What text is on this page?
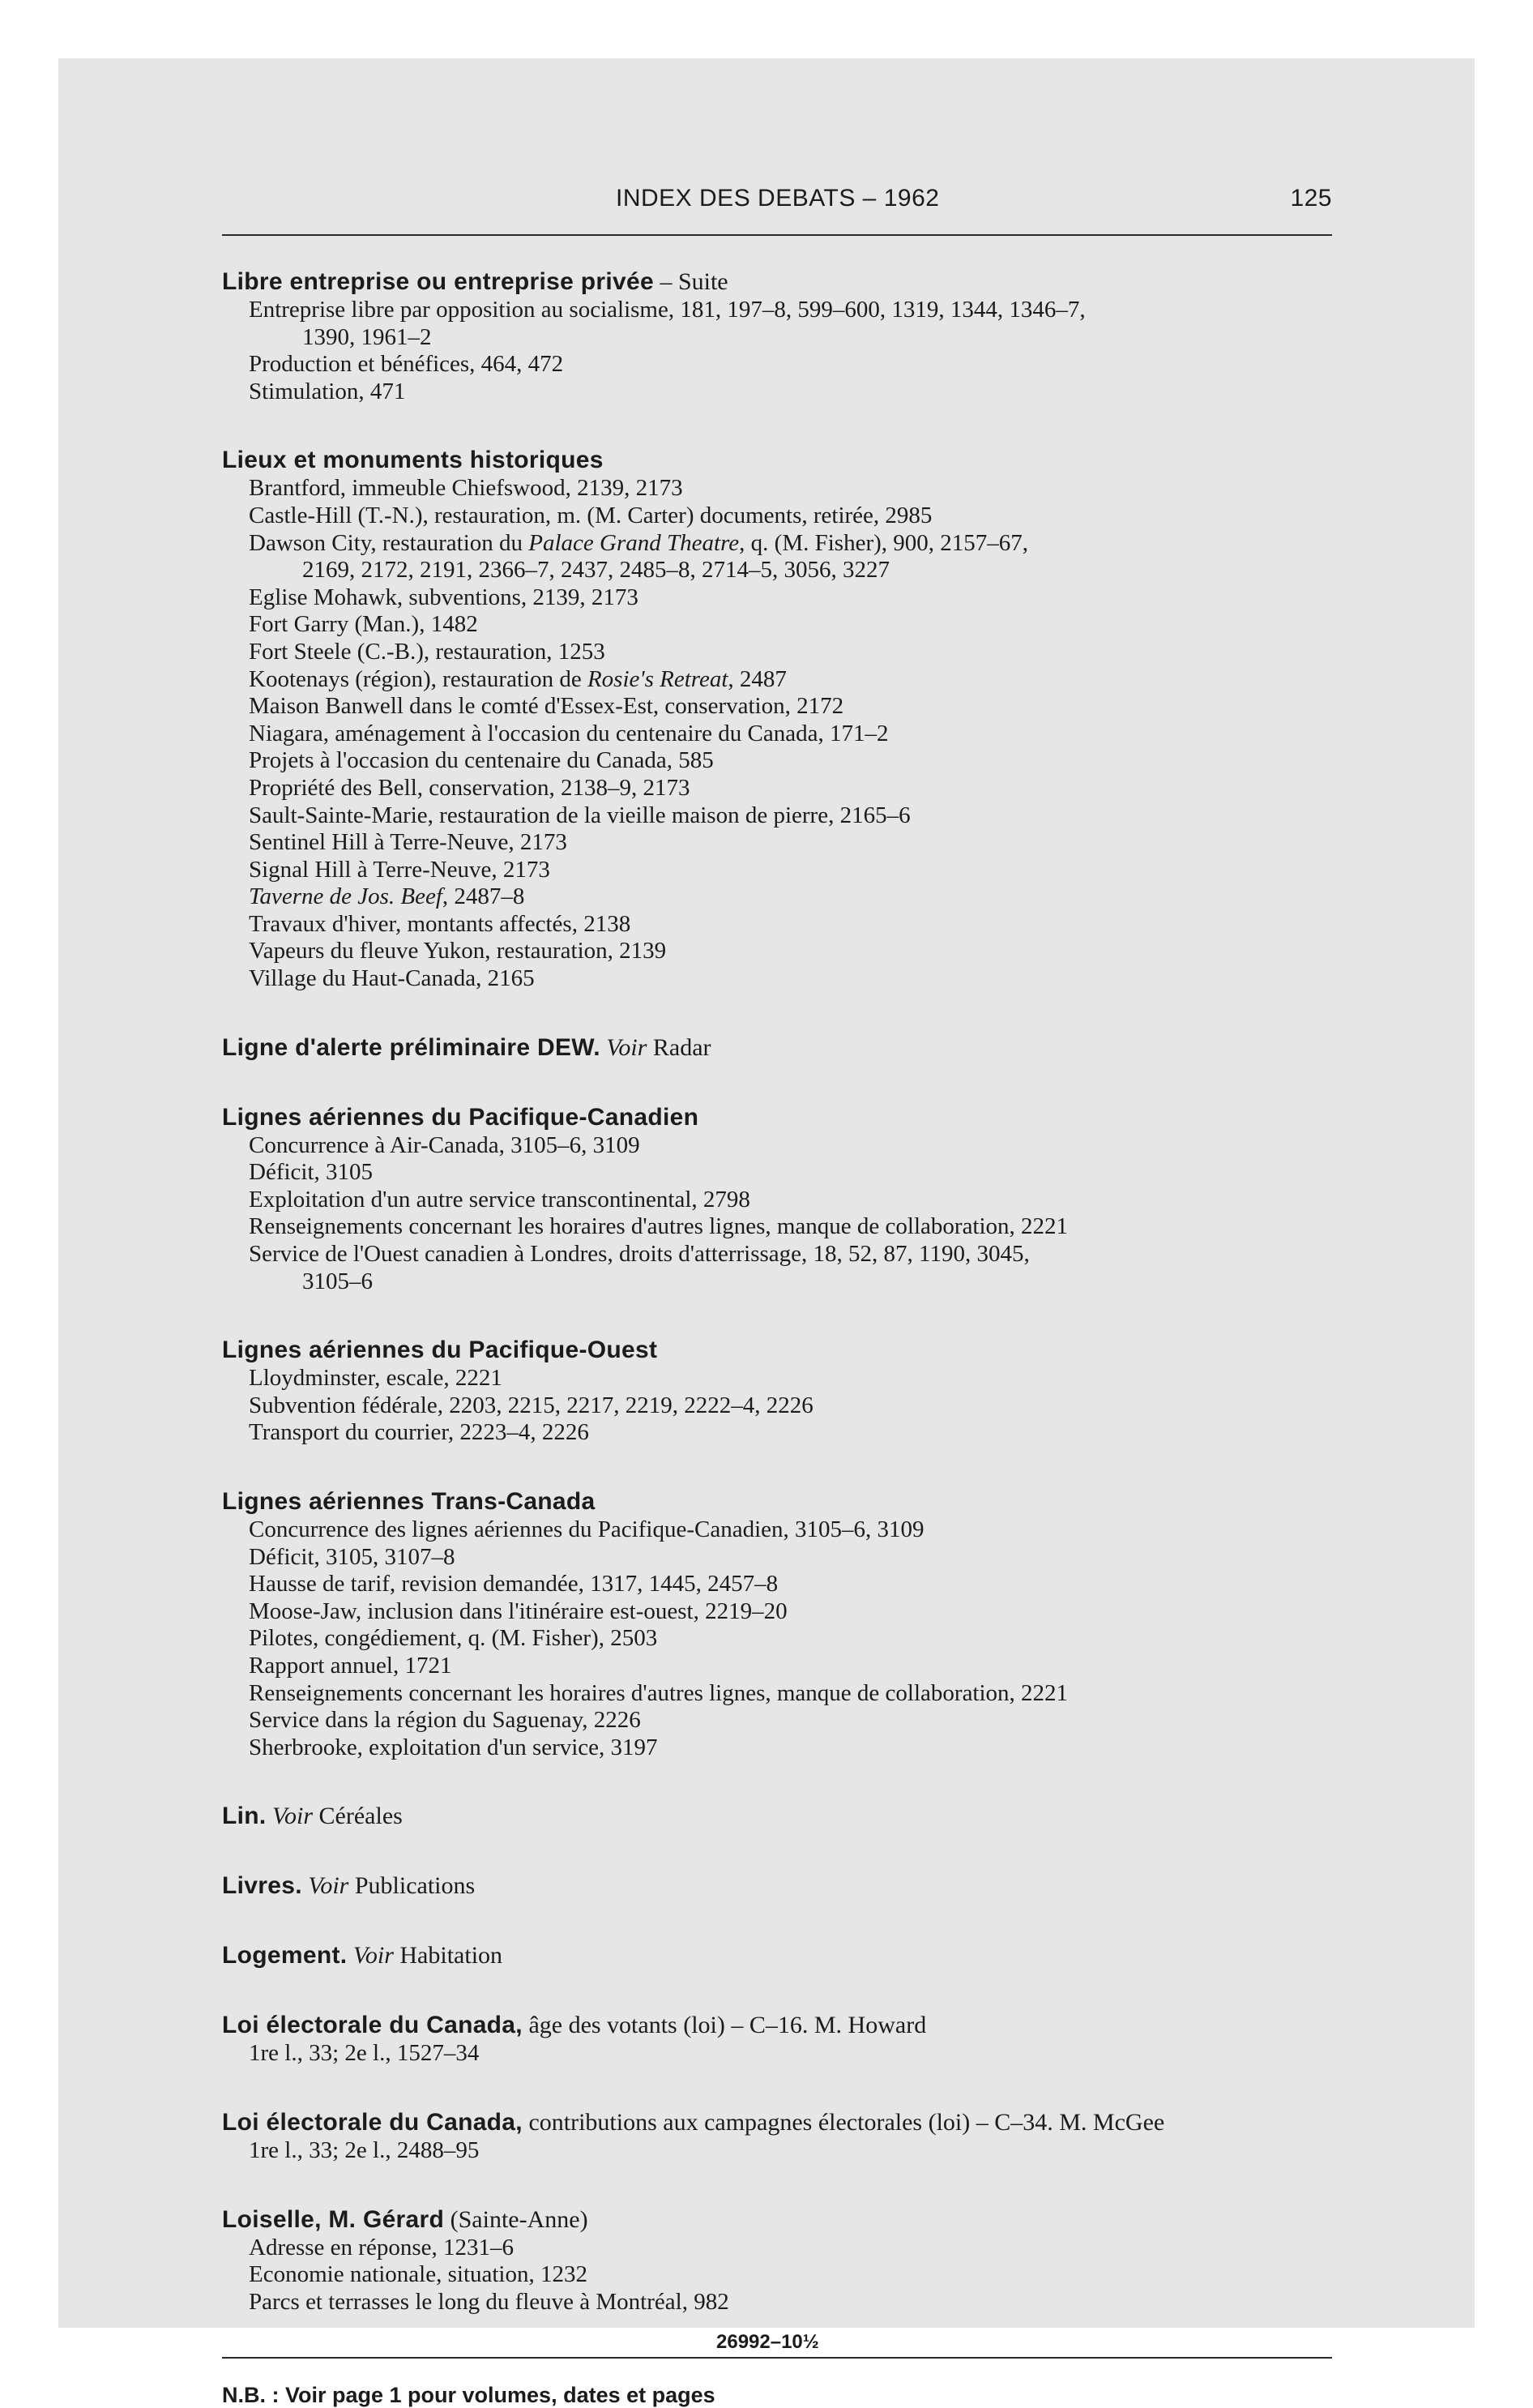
INDEX DES DEBATS – 1962	125
Libre entreprise ou entreprise privée – Suite
Entreprise libre par opposition au socialisme, 181, 197–8, 599–600, 1319, 1344, 1346–7,
1390, 1961–2
Production et bénéfices, 464, 472
Stimulation, 471
Lieux et monuments historiques
Brantford, immeuble Chiefswood, 2139, 2173
Castle-Hill (T.-N.), restauration, m. (M. Carter) documents, retirée, 2985
Dawson City, restauration du Palace Grand Theatre, q. (M. Fisher), 900, 2157–67,
2169, 2172, 2191, 2366–7, 2437, 2485–8, 2714–5, 3056, 3227
Eglise Mohawk, subventions, 2139, 2173
Fort Garry (Man.), 1482
Fort Steele (C.-B.), restauration, 1253
Kootenays (région), restauration de Rosie's Retreat, 2487
Maison Banwell dans le comté d'Essex-Est, conservation, 2172
Niagara, aménagement à l'occasion du centenaire du Canada, 171–2
Projets à l'occasion du centenaire du Canada, 585
Propriété des Bell, conservation, 2138–9, 2173
Sault-Sainte-Marie, restauration de la vieille maison de pierre, 2165–6
Sentinel Hill à Terre-Neuve, 2173
Signal Hill à Terre-Neuve, 2173
Taverne de Jos. Beef, 2487–8
Travaux d'hiver, montants affectés, 2138
Vapeurs du fleuve Yukon, restauration, 2139
Village du Haut-Canada, 2165
Ligne d'alerte préliminaire DEW. Voir Radar
Lignes aériennes du Pacifique-Canadien
Concurrence à Air-Canada, 3105–6, 3109
Déficit, 3105
Exploitation d'un autre service transcontinental, 2798
Renseignements concernant les horaires d'autres lignes, manque de collaboration, 2221
Service de l'Ouest canadien à Londres, droits d'atterrissage, 18, 52, 87, 1190, 3045,
3105–6
Lignes aériennes du Pacifique-Ouest
Lloydminster, escale, 2221
Subvention fédérale, 2203, 2215, 2217, 2219, 2222–4, 2226
Transport du courrier, 2223–4, 2226
Lignes aériennes Trans-Canada
Concurrence des lignes aériennes du Pacifique-Canadien, 3105–6, 3109
Déficit, 3105, 3107–8
Hausse de tarif, revision demandée, 1317, 1445, 2457–8
Moose-Jaw, inclusion dans l'itinéraire est-ouest, 2219–20
Pilotes, congédiement, q. (M. Fisher), 2503
Rapport annuel, 1721
Renseignements concernant les horaires d'autres lignes, manque de collaboration, 2221
Service dans la région du Saguenay, 2226
Sherbrooke, exploitation d'un service, 3197
Lin. Voir Céréales
Livres. Voir Publications
Logement. Voir Habitation
Loi électorale du Canada, âge des votants (loi) – C–16. M. Howard
1re l., 33; 2e l., 1527–34
Loi électorale du Canada, contributions aux campagnes électorales (loi) – C–34. M. McGee
1re l., 33; 2e l., 2488–95
Loiselle, M. Gérard (Sainte-Anne)
Adresse en réponse, 1231–6
Economie nationale, situation, 1232
Parcs et terrasses le long du fleuve à Montréal, 982
N.B. : Voir page 1 pour volumes, dates et pages
26992–10½
